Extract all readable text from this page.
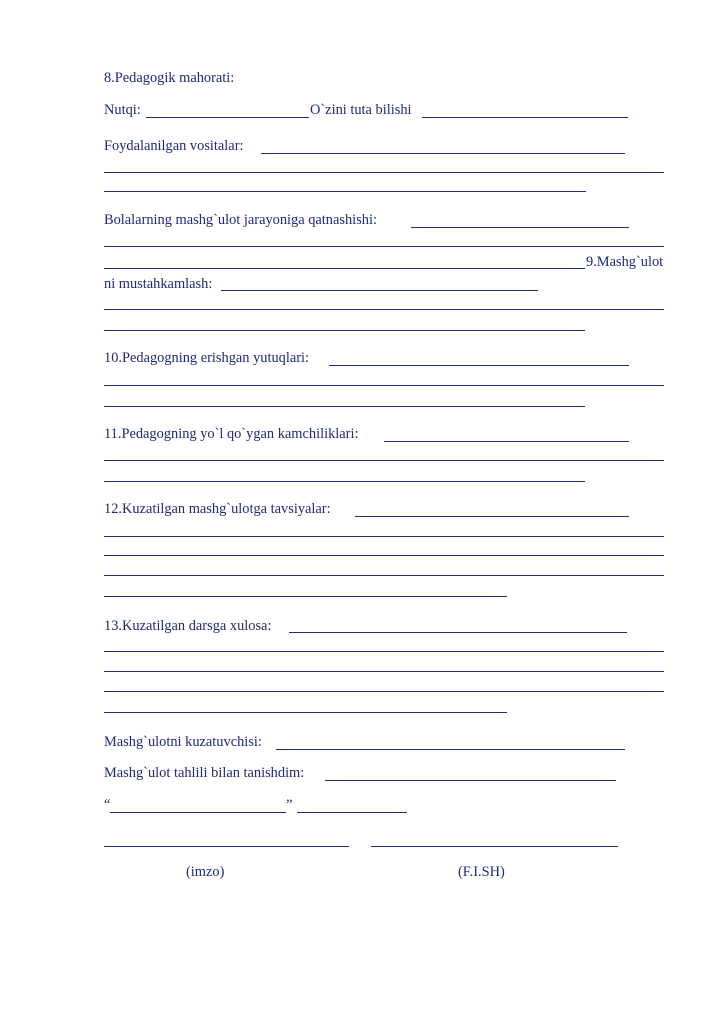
8.Pedagogik mahorati:
Nutqi:	O`zini tuta bilishi
Foydalanilgan vositalar:
Bolalarning mashg`ulot jarayoniga qatnashishi:
9.Mashg`ulot
ni mustahkamlash:
10.Pedagogning erishgan yutuqlari:
11.Pedagogning yo`l qo`ygan kamchiliklari:
12.Kuzatilgan mashg`ulotga tavsiyalar:
13.Kuzatilgan darsga xulosa:
Mashg`ulotni kuzatuvchisi:
Mashg`ulot tahlili bilan tanishdim:
“	”
(imzo)	(F.I.SH)
